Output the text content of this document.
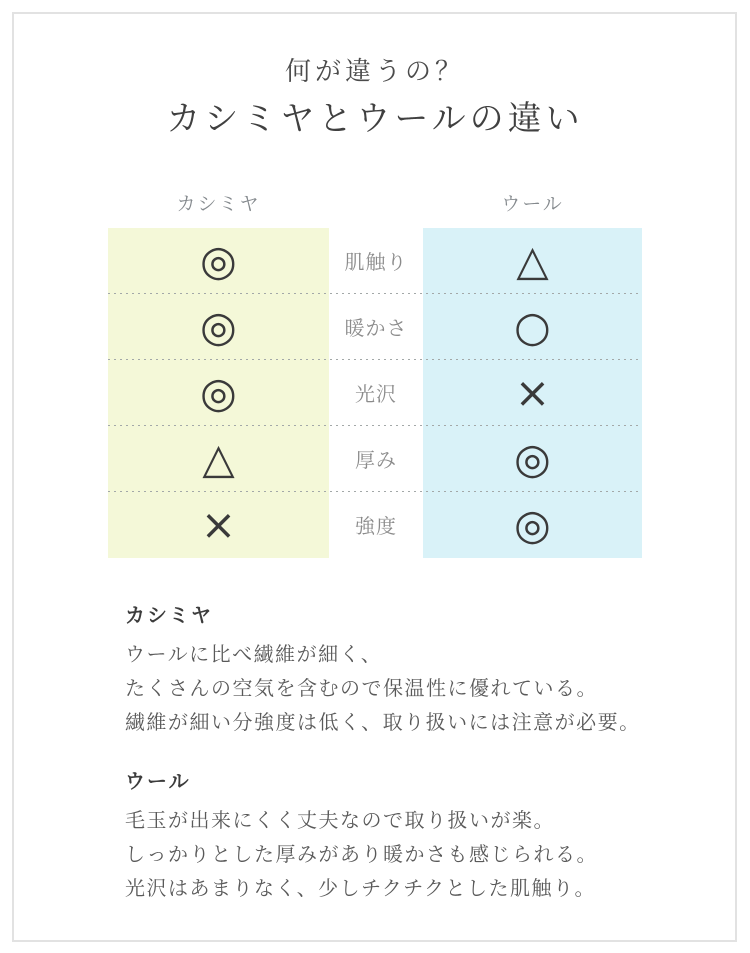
何が違うの？
カシミヤとウールの違い
カシミヤ	ウール
◎	肌触り	△
◎	暖かさ	○
◎	光沢	×
△	厚み	◎
×	強度	◎
カシミヤ
ウールに比べ繊維が細く、
たくさんの空気を含むので保温性に優れている。
繊維が細い分強度は低く、取り扱いには注意が必要。
ウール
毛玉が出来にくく丈夫なので取り扱いが楽。
しっかりとした厚みがあり暖かさも感じられる。
光沢はあまりなく、少しチクチクとした肌触り。
